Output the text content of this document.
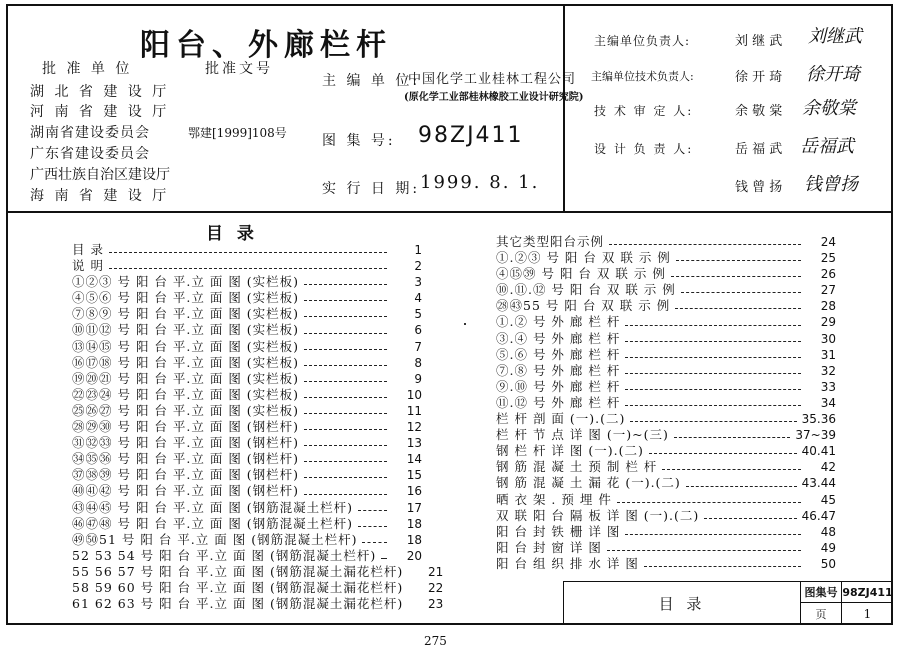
阳台、外廊栏杆
批 准 单 位	批准文号
湖 北 省 建 设 厅
河 南 省 建 设 厅
湖南省建设委员会
广东省建设委员会
广西壮族自治区建设厅
海 南 省 建 设 厅
鄂建[1999]108号
主 编 单 位:
中国化学工业桂林工程公司
(原化学工业部桂林橡胶工业设计研究院)
图 集 号: 98ZJ411
实 行 日 期: 1999. 8. 1.
主编单位负责人:	刘 继 武 刘继武
主编单位技术负责人:	徐 开 琦 徐开琦
技 术 审 定 人:	余 敬 棠 余敬棠
设 计 负 责 人:	岳 福 武 岳福武
钱 曾 扬 钱曾扬
目 录
目 录	1
说 明	2
①②③ 号 阳 台 平.立 面 图 (实栏板)	3
④⑤⑥ 号 阳 台 平.立 面 图 (实栏板)	4
⑦⑧⑨ 号 阳 台 平.立 面 图 (实栏板)	5
⑩⑪⑫ 号 阳 台 平.立 面 图 (实栏板)	6
⑬⑭⑮ 号 阳 台 平.立 面 图 (实栏板)	7
⑯⑰⑱ 号 阳 台 平.立 面 图 (实栏板)	8
⑲⑳㉑ 号 阳 台 平.立 面 图 (实栏板)	9
㉒㉓㉔ 号 阳 台 平.立 面 图 (实栏板)	10
㉕㉖㉗ 号 阳 台 平.立 面 图 (实栏板)	11
㉘㉙㉚ 号 阳 台 平.立 面 图 (钢栏杆)	12
㉛㉜㉝ 号 阳 台 平.立 面 图 (钢栏杆)	13
㉞㉟㊱ 号 阳 台 平.立 面 图 (钢栏杆)	14
㊲㊳㊴ 号 阳 台 平.立 面 图 (钢栏杆)	15
㊵㊶㊷ 号 阳 台 平.立 面 图 (钢栏杆)	16
㊸㊹㊺ 号 阳 台 平.立 面 图 (钢筋混凝土栏杆)	17
㊻㊼㊽ 号 阳 台 平.立 面 图 (钢筋混凝土栏杆)	18
㊾㊿51 号 阳 台 平.立 面 图 (钢筋混凝土栏杆)	18
52 53 54 号 阳 台 平.立 面 图 (钢筋混凝土栏杆)	20
55 56 57 号 阳 台 平.立 面 图 (钢筋混凝土漏花栏杆)	21
58 59 60 号 阳 台 平.立 面 图 (钢筋混凝土漏花栏杆)	22
61 62 63 号 阳 台 平.立 面 图 (钢筋混凝土漏花栏杆)	23
其它类型阳台示例	24
①.②③ 号 阳 台 双 联 示 例	25
④⑮㊴ 号 阳 台 双 联 示 例	26
⑩.⑪.⑫ 号 阳 台 双 联 示 例	27
㉘㊸55 号 阳 台 双 联 示 例	28
①.② 号 外 廊 栏 杆	29
③.④ 号 外 廊 栏 杆	30
⑤.⑥ 号 外 廊 栏 杆	31
⑦.⑧ 号 外 廊 栏 杆	32
⑨.⑩ 号 外 廊 栏 杆	33
⑪.⑫ 号 外 廊 栏 杆	34
栏 杆 剖 面 (一).(二)	35.36
栏 杆 节 点 详 图 (一)~(三)	37~39
钢 栏 杆 详 图 (一).(二)	40.41
钢 筋 混 凝 土 预 制 栏 杆	42
钢 筋 混 凝 土 漏 花 (一).(二)	43.44
晒 衣 架 . 预 埋 件	45
双 联 阳 台 隔 板 详 图 (一).(二)	46.47
阳 台 封 铁 栅 详 图	48
阳 台 封 窗 详 图	49
阳 台 组 织 排 水 详 图	50
目 录
图集号 98ZJ411
页	1
275
